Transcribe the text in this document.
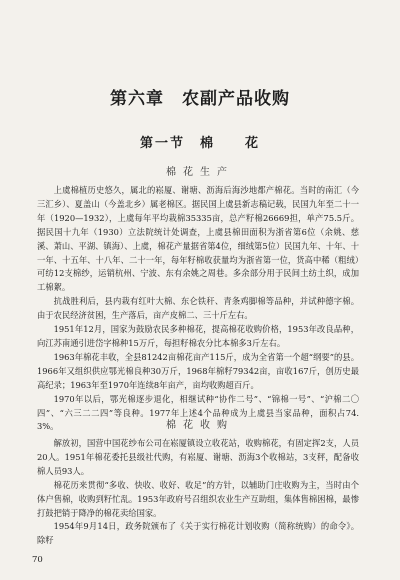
第六章　农副产品收购
第一节　棉　　花
棉花生产

上虞棉植历史悠久，属北的崧厦、谢塘、沥海后海沙地都产棉花。当时的南汇（今三汇乡）、夏盖山（今盖北乡）属老棉区。据民国上虞县新志稿记载，民国九年至二十一年（1920—1932），上虞每年平均栽棉35335亩，总产籽棉26669担，单产75.5斤。据民国十九年（1930）立法院统计处调查，上虞县棉田面积为浙省第6位（余姚、慈溪、萧山、平湖、镇海）、上虞，棉花产量据省第4位，细绒第5位）民国九年、十年、十一年、十五年、十八年、二十一年，每年籽棉收获量均为浙省第一位，货高中稀（粗绒）可纺12支棉纱，运销杭州、宁波、东有余姚之周巷。多余部分用于民间土纺土织，成加工棉絮。

抗战胜利后，县内栽有红叶大棉、东仑铁秆、青条鸡脚棉等品种，并试种德字棉。由于农民经济贫困，生产落后，亩产皮棉二、三十斤左右。

1951年12月，国家为鼓励农民多种棉花，提高棉花收购价格，1953年改良品种，向江苏南通引进岱字棉种15万斤，每担籽棉农分比本棉多3斤左右。

1963年棉花丰收，全县81242亩棉花亩产115斤，成为全省第一个超“纲要”的县。1966年又组织供应鄂光棉良种30万斤，1968年棉籽79342亩，亩收167斤，创历史最高纪录；1963年至1970年连续8年亩产，亩均收购超百斤。

1970年以后，鄂光棉逐步退化，相继试种“协作二号”、“锦棉一号”、“沪棉二〇四”、“六三二二四”等良种。1977年上述4个品种成为上虞县当家品种，面积占74.3%。	棉花收购

解放初，国营中国花纱布公司在崧厦镇设立收花站，收购棉花，有固定挥2支，人员20人。1951年棉花委托县级社代购，有崧厦、谢塘、沥海3个收棉站，3支秤，配备收棉人员93人。

棉花历来贯彻“多收、快收、收好、收足”的方针，以辅助门庄收购为主，当时由个体户售棉，收购到籽忙乱。1953年政府号召组织农业生产互助组，集体售棉困棉，最惨打鼓把销于降净的棉花卖给国家。

1954年9月14日，政务院颁布了《关于实行棉花计划收购（简称统购）的命令》。除籽

70
